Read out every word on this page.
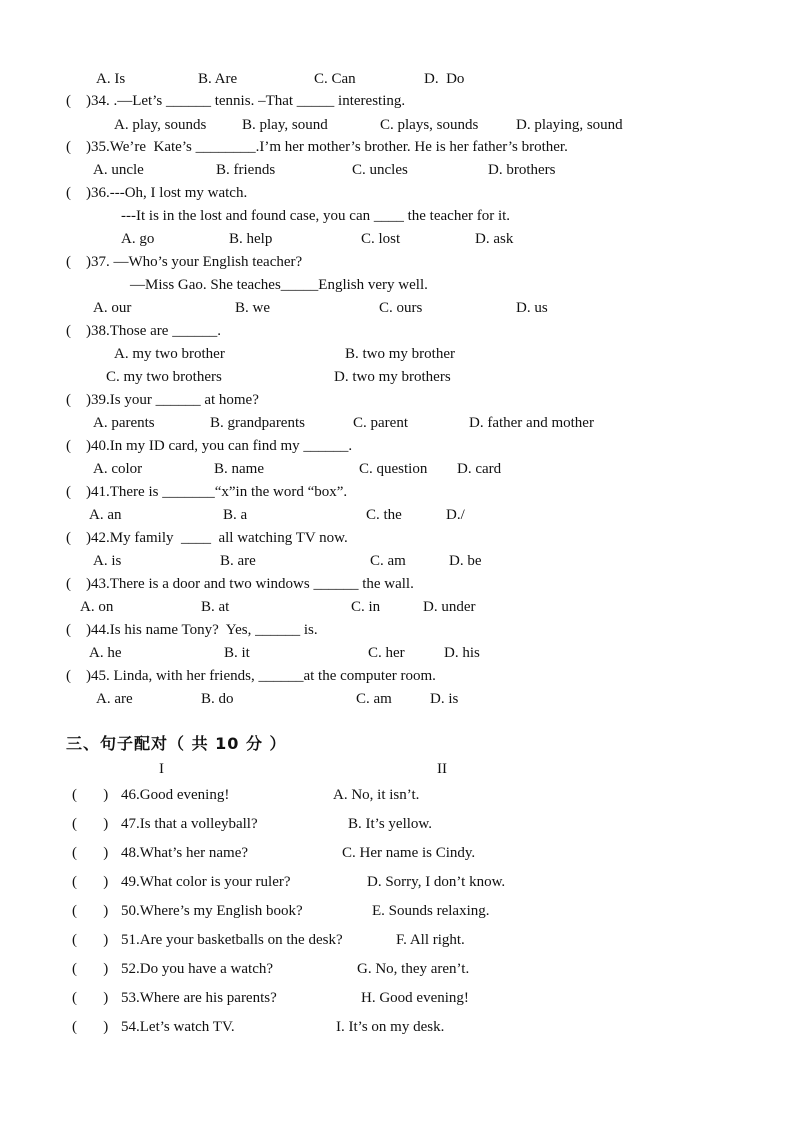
A. Is	B. Are	C. Can	D.  Do
(    )34. .—Let’s ______ tennis. –That _____ interesting.
A. play, sounds B. play, sound	C. plays, sounds	D. playing, sound
(    )35.We’re  Kate’s ________.I’m her mother’s brother. He is her father’s brother.
A. uncle	B. friends	C. uncles	D. brothers
(    )36.---Oh, I lost my watch.
---It is in the lost and found case, you can ____ the teacher for it.
A. go	B. help	C. lost	D. ask
(    )37. —Who’s your English teacher?
—Miss Gao. She teaches_____English very well.
A. our	B. we	C. ours	D. us
(    )38.Those are ______.
A. my two brother	B. two my brother
C. my two brothers	D. two my brothers
(    )39.Is your ______ at home?
A. parents	B. grandparents	C. parent	D. father and mother
(    )40.In my ID card, you can find my ______.
A. color	B. name	C. question D. card
(    )41.There is _______“x”in the word “box”.
A. an	B. a	C. the	D./
(    )42.My family  ____  all watching TV now.
A. is	B. are	C. am	D. be
(    )43.There is a door and two windows ______ the wall.
A. on	B. at	C. in	D. under
(    )44.Is his name Tony?  Yes, ______ is.
A. he	B. it	C. her	D. his
(    )45. Linda, with her friends, ______at the computer room.
A. are	B. do	C. am	D. is
三、句子配对（ 共 10 分 ）
I	II
(       ) 46.Good evening!	A. No, it isn’t.
(       ) 47.Is that a volleyball?	B. It’s yellow.
(       ) 48.What’s her name?	C. Her name is Cindy.
(       ) 49.What color is your ruler?	D. Sorry, I don’t know.
(       ) 50.Where’s my English book?	E. Sounds relaxing.
(       ) 51.Are your basketballs on the desk?	F. All right.
(       ) 52.Do you have a watch?	G. No, they aren’t.
(       ) 53.Where are his parents?	H. Good evening!
(       ) 54.Let’s watch TV.	I. It’s on my desk.
